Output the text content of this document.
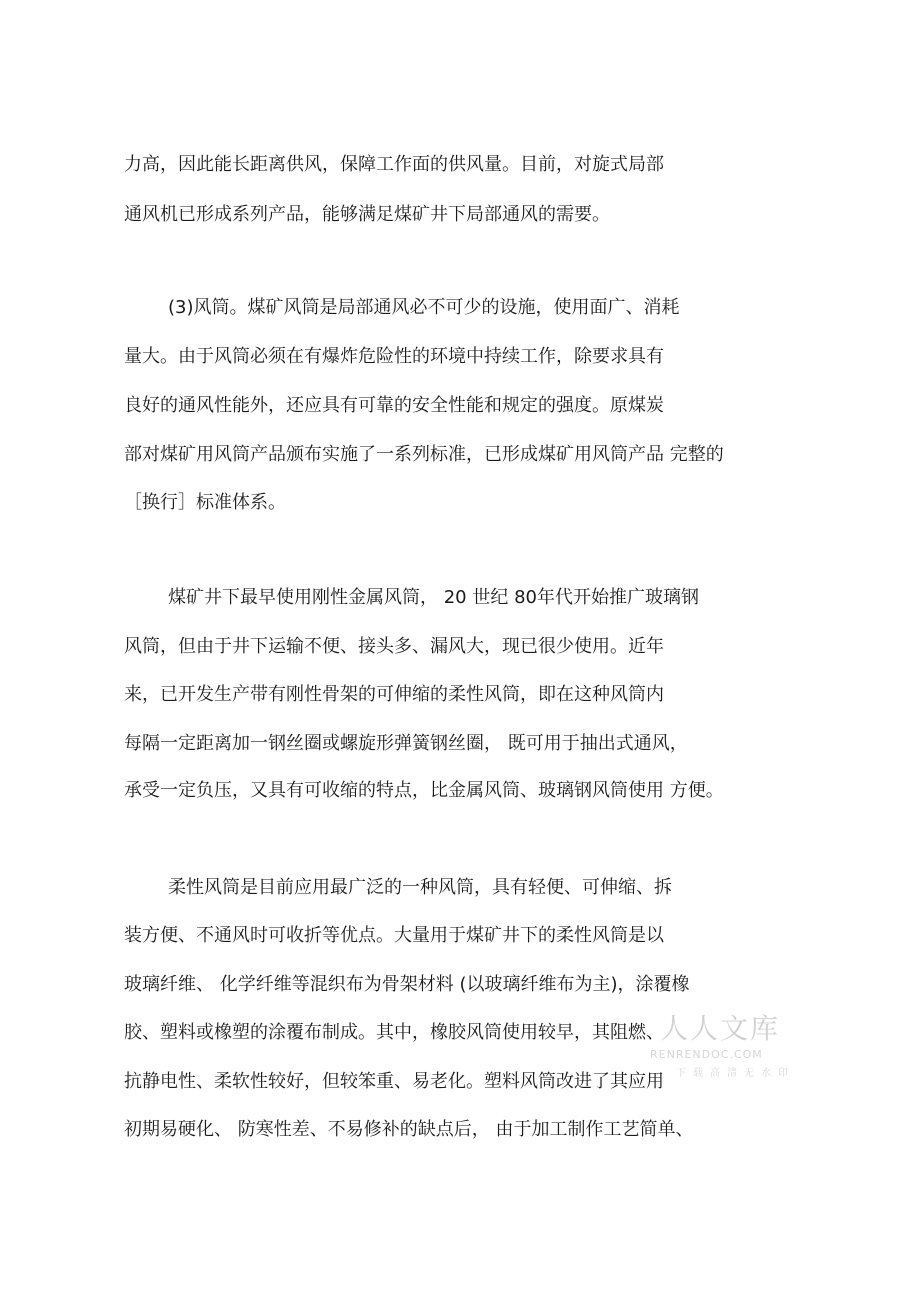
力高，因此能长距离供风，保障工作面的供风量。目前，对旋式局部
通风机已形成系列产品，能够满足煤矿井下局部通风的需要。
(3)风筒。煤矿风筒是局部通风必不可少的设施，使用面广、消耗
量大。由于风筒必须在有爆炸危险性的环境中持续工作，除要求具有
良好的通风性能外，还应具有可靠的安全性能和规定的强度。原煤炭
部对煤矿用风筒产品颁布实施了一系列标准，已形成煤矿用风筒产品 完整的
［换行］标准体系。
煤矿井下最早使用刚性金属风筒， 20 世纪 80年代开始推广玻璃钢
风筒，但由于井下运输不便、接头多、漏风大，现已很少使用。近年
来，已开发生产带有刚性骨架的可伸缩的柔性风筒，即在这种风筒内
每隔一定距离加一钢丝圈或螺旋形弹簧钢丝圈， 既可用于抽出式通风，
承受一定负压，又具有可收缩的特点，比金属风筒、玻璃钢风筒使用 方便。
柔性风筒是目前应用最广泛的一种风筒，具有轻便、可伸缩、拆
装方便、不通风时可收折等优点。大量用于煤矿井下的柔性风筒是以
玻璃纤维、 化学纤维等混织布为骨架材料 (以玻璃纤维布为主)，涂覆橡
胶、塑料或橡塑的涂覆布制成。其中，橡胶风筒使用较早，其阻燃、
抗静电性、柔软性较好，但较笨重、易老化。塑料风筒改进了其应用
初期易硬化、 防寒性差、不易修补的缺点后， 由于加工制作工艺简单、
人人文库
RENRENDOC.COM
下载高清无水印
